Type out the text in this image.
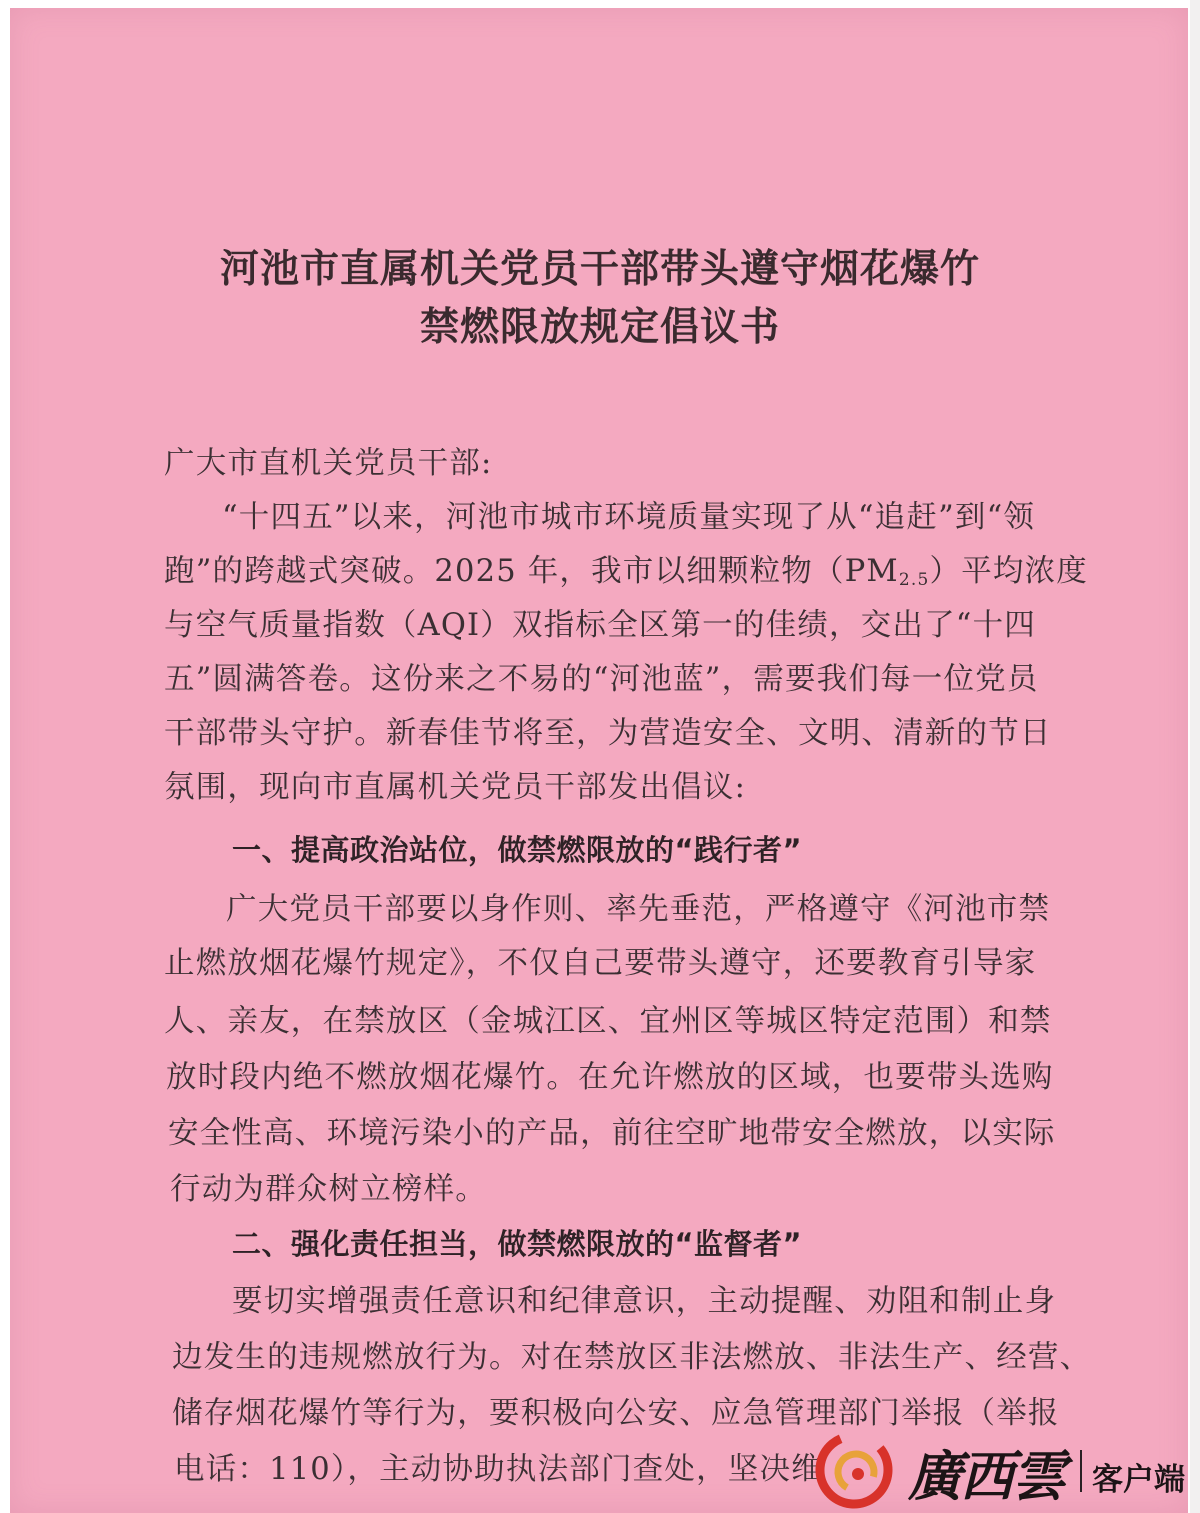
河池市直属机关党员干部带头遵守烟花爆竹
禁燃限放规定倡议书
广大市直机关党员干部:
“十四五”以来，河池市城市环境质量实现了从“追赶”到“领
跑”的跨越式突破。2025 年，我市以细颗粒物（PM2.5）平均浓度
与空气质量指数（AQI）双指标全区第一的佳绩，交出了“十四
五”圆满答卷。这份来之不易的“河池蓝”，需要我们每一位党员
干部带头守护。新春佳节将至，为营造安全、文明、清新的节日
氛围，现向市直属机关党员干部发出倡议:
一、提高政治站位，做禁燃限放的“践行者”
广大党员干部要以身作则、率先垂范，严格遵守《河池市禁
止燃放烟花爆竹规定》，不仅自己要带头遵守，还要教育引导家
人、亲友，在禁放区（金城江区、宜州区等城区特定范围）和禁
放时段内绝不燃放烟花爆竹。在允许燃放的区域，也要带头选购
安全性高、环境污染小的产品，前往空旷地带安全燃放，以实际
行动为群众树立榜样。
二、强化责任担当，做禁燃限放的“监督者”
要切实增强责任意识和纪律意识，主动提醒、劝阻和制止身
边发生的违规燃放行为。对在禁放区非法燃放、非法生产、经营、
储存烟花爆竹等行为，要积极向公安、应急管理部门举报（举报
电话：110），主动协助执法部门查处，坚决维	廣西雲 客户端
